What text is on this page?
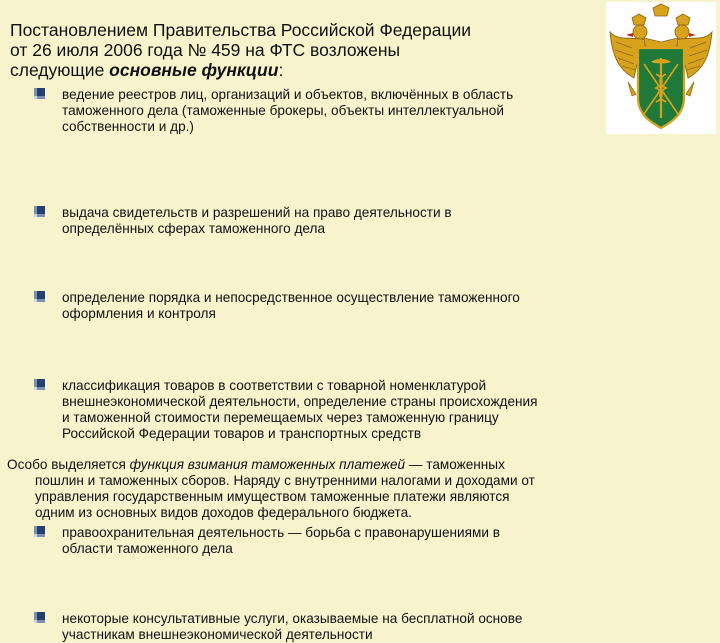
Постановлением Правительства Российской Федерации
от 26 июля 2006 года № 459 на ФТС возложены
следующие основные функции:
ведение реестров лиц, организаций и объектов, включённых в область
таможенного дела (таможенные брокеры, объекты интеллектуальной
собственности и др.)
выдача свидетельств и разрешений на право деятельности в
определённых сферах таможенного дела
определение порядка и непосредственное осуществление таможенного
оформления и контроля
классификация товаров в соответствии с товарной номенклатурой
внешнеэкономической деятельности, определение страны происхождения
и таможенной стоимости перемещаемых через таможенную границу
Российской Федерации товаров и транспортных средств
правоохранительная деятельность — борьба с правонарушениями в
области таможенного дела
некоторые консультативные услуги, оказываемые на бесплатной основе
участникам внешнеэкономической деятельности
Особо выделяется функция взимания таможенных платежей — таможенных
пошлин и таможенных сборов. Наряду с внутренними налогами и доходами от
управления государственным имуществом таможенные платежи являются
одним из основных видов доходов федерального бюджета.
